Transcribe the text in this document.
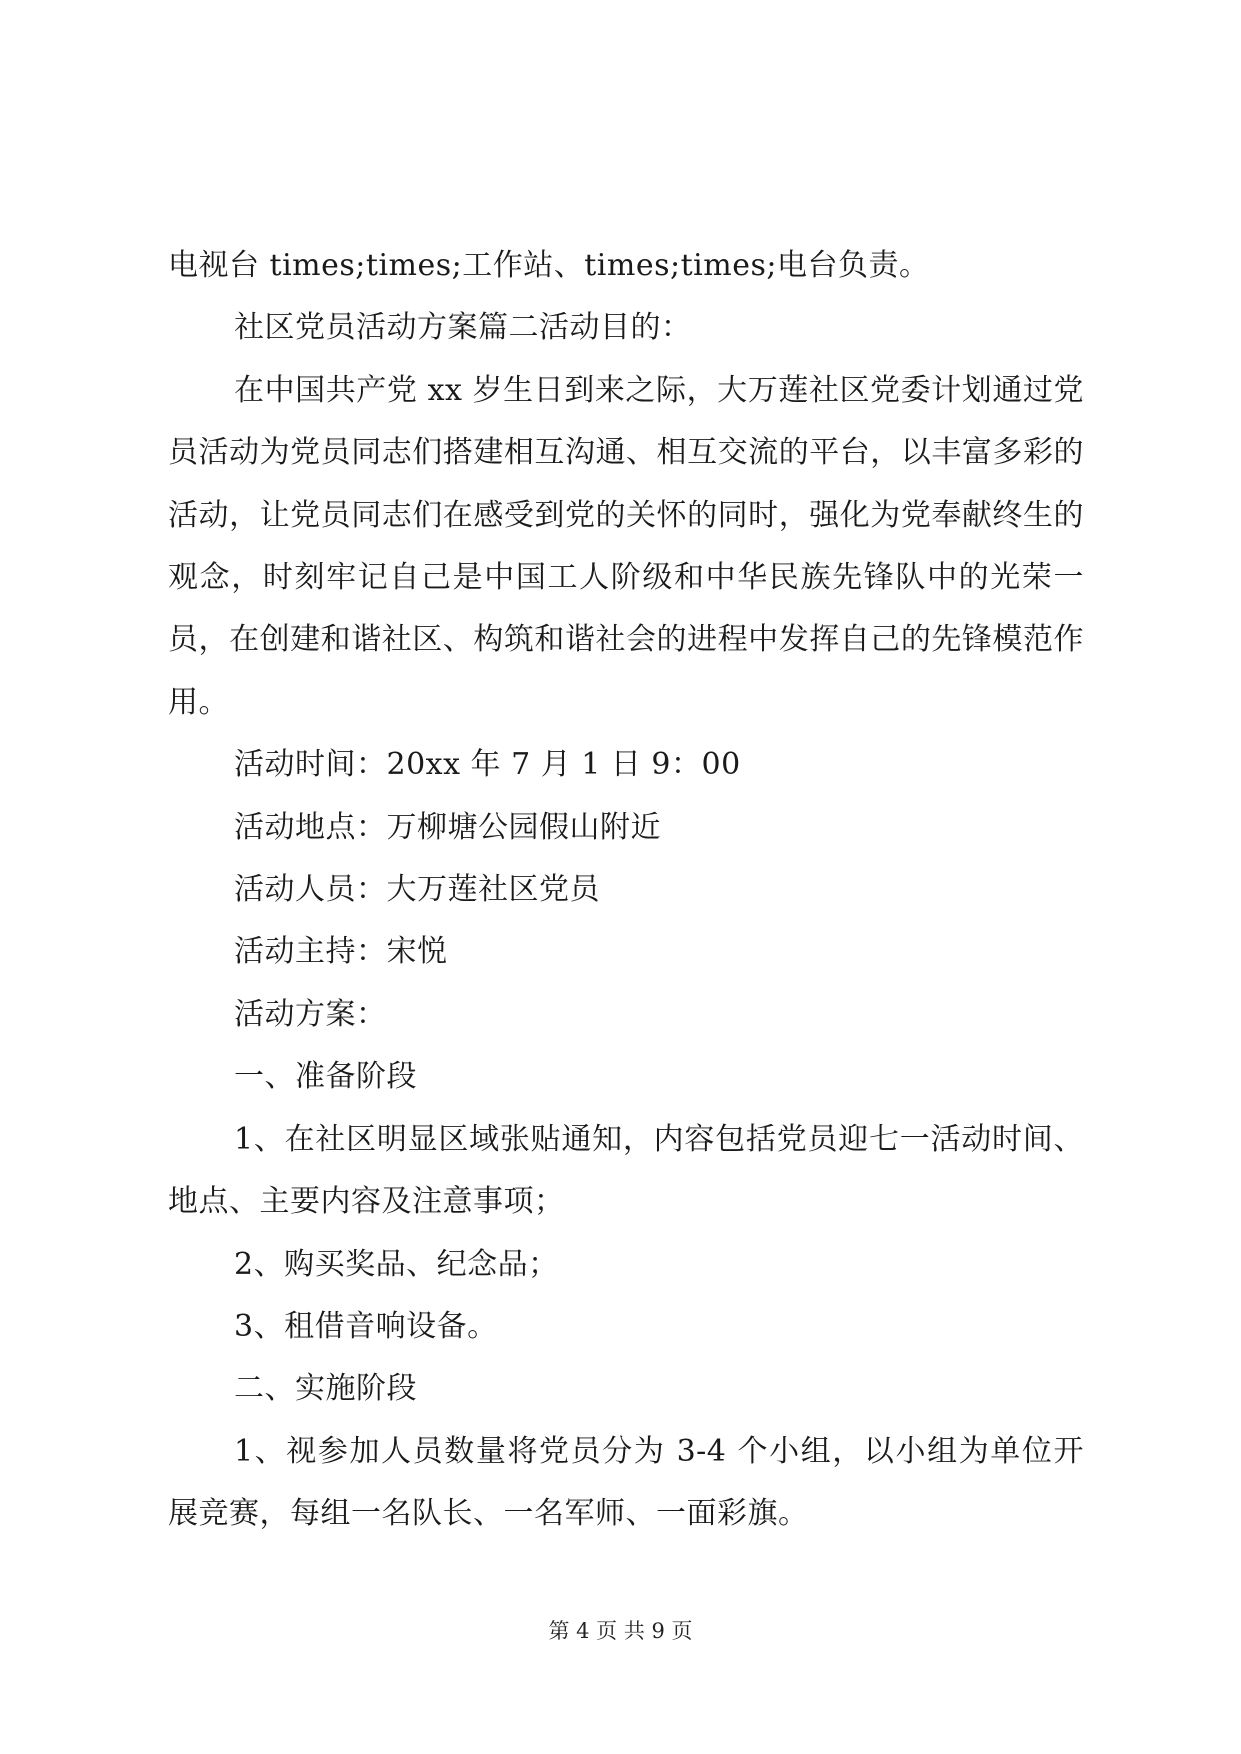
电视台 times;times;工作站、times;times;电台负责。

社区党员活动方案篇二活动目的：

在中国共产党 xx 岁生日到来之际，大万莲社区党委计划通过党员活动为党员同志们搭建相互沟通、相互交流的平台，以丰富多彩的活动，让党员同志们在感受到党的关怀的同时，强化为党奉献终生的观念，时刻牢记自己是中国工人阶级和中华民族先锋队中的光荣一员，在创建和谐社区、构筑和谐社会的进程中发挥自己的先锋模范作用。

活动时间：20xx 年 7 月 1 日 9：00

活动地点：万柳塘公园假山附近

活动人员：大万莲社区党员

活动主持：宋悦

活动方案：

一、准备阶段

1、在社区明显区域张贴通知，内容包括党员迎七一活动时间、地点、主要内容及注意事项；

2、购买奖品、纪念品；

3、租借音响设备。

二、实施阶段

1、视参加人员数量将党员分为 3-4 个小组，以小组为单位开展竞赛，每组一名队长、一名军师、一面彩旗。

第 4 页 共 9 页
